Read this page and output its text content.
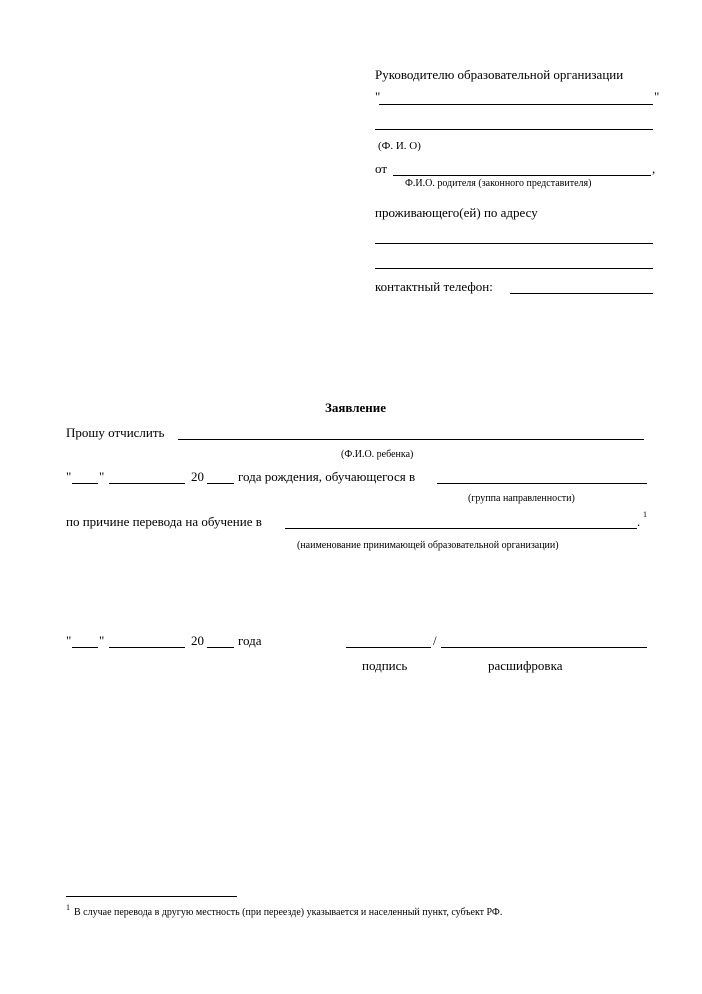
Руководителю образовательной организации
"	"
(Ф. И. О)
от	,
Ф.И.О. родителя (законного представителя)
проживающего(ей) по адресу
контактный телефон:
Заявление
Прошу отчислить
(Ф.И.О. ребенка)
" "	20	года рождения, обучающегося в
(группа направленности)
по причине перевода на обучение в	. 1
(наименование принимающей образовательной организации)
" "	20	года	/
подпись	расшифровка
1 В случае перевода в другую местность (при переезде) указывается и населенный пункт, субъект РФ.
